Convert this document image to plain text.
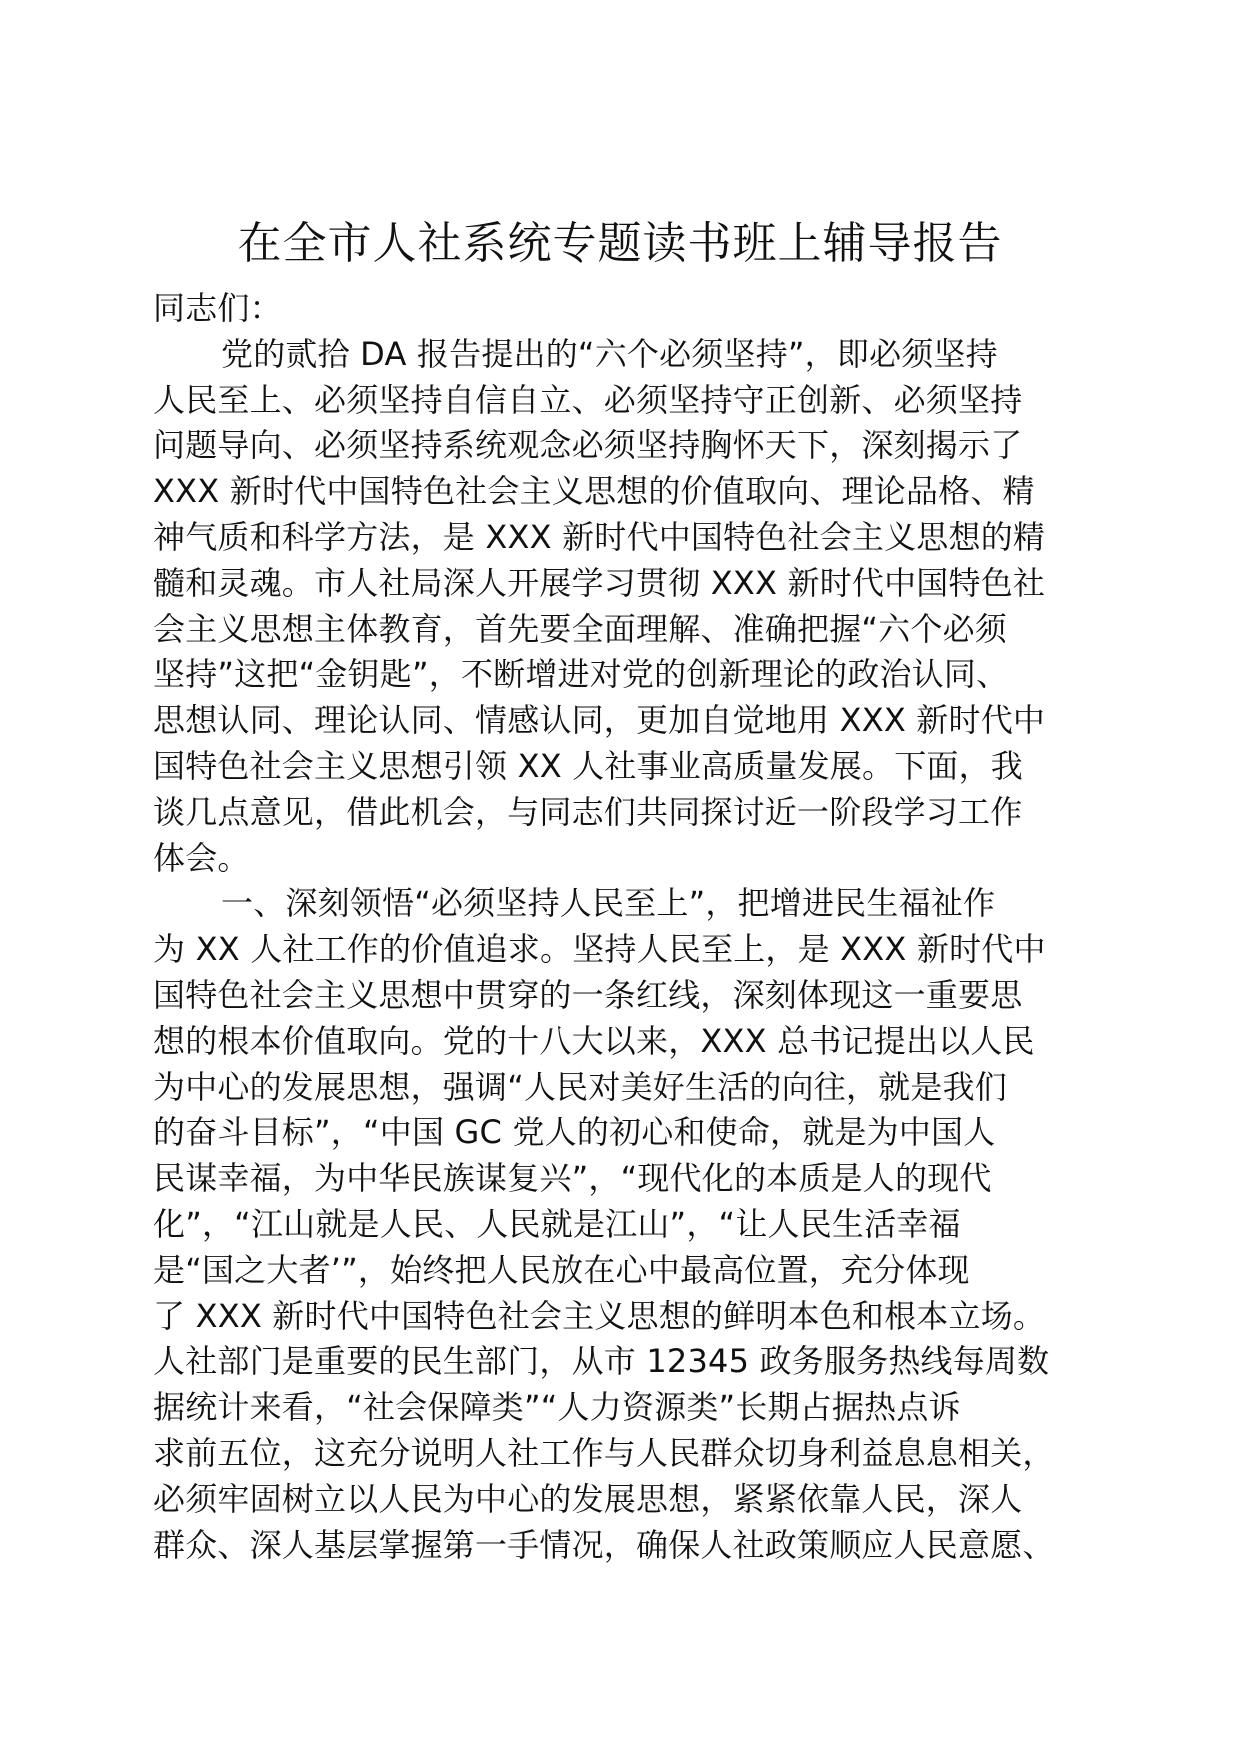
在全市人社系统专题读书班上辅导报告
同志们：
党的贰拾 DA 报告提出的“六个必须坚持”，即必须坚持
人民至上、必须坚持自信自立、必须坚持守正创新、必须坚持
问题导向、必须坚持系统观念必须坚持胸怀天下，深刻揭示了
XXX 新时代中国特色社会主义思想的价值取向、理论品格、精
神气质和科学方法，是 XXX 新时代中国特色社会主义思想的精
髓和灵魂。市人社局深人开展学习贯彻 XXX 新时代中国特色社
会主义思想主体教育，首先要全面理解、准确把握“六个必须
坚持”这把“金钥匙”，不断增进对党的创新理论的政治认同、
思想认同、理论认同、情感认同，更加自觉地用 XXX 新时代中
国特色社会主义思想引领 XX 人社事业高质量发展。下面，我
谈几点意见，借此机会，与同志们共同探讨近一阶段学习工作
体会。
一、深刻领悟“必须坚持人民至上”，把增进民生福祉作
为 XX 人社工作的价值追求。坚持人民至上，是 XXX 新时代中
国特色社会主义思想中贯穿的一条红线，深刻体现这一重要思
想的根本价值取向。党的十八大以来，XXX 总书记提出以人民
为中心的发展思想，强调“人民对美好生活的向往，就是我们
的奋斗目标”，“中国 GC 党人的初心和使命，就是为中国人
民谋幸福，为中华民族谋复兴”，“现代化的本质是人的现代
化”，“江山就是人民、人民就是江山”，“让人民生活幸福
是“国之大者’”，始终把人民放在心中最高位置，充分体现
了 XXX 新时代中国特色社会主义思想的鲜明本色和根本立场。
人社部门是重要的民生部门，从市 12345 政务服务热线每周数
据统计来看，“社会保障类”“人力资源类”长期占据热点诉
求前五位，这充分说明人社工作与人民群众切身利益息息相关，
必须牢固树立以人民为中心的发展思想，紧紧依靠人民，深人
群众、深人基层掌握第一手情况，确保人社政策顺应人民意愿、
